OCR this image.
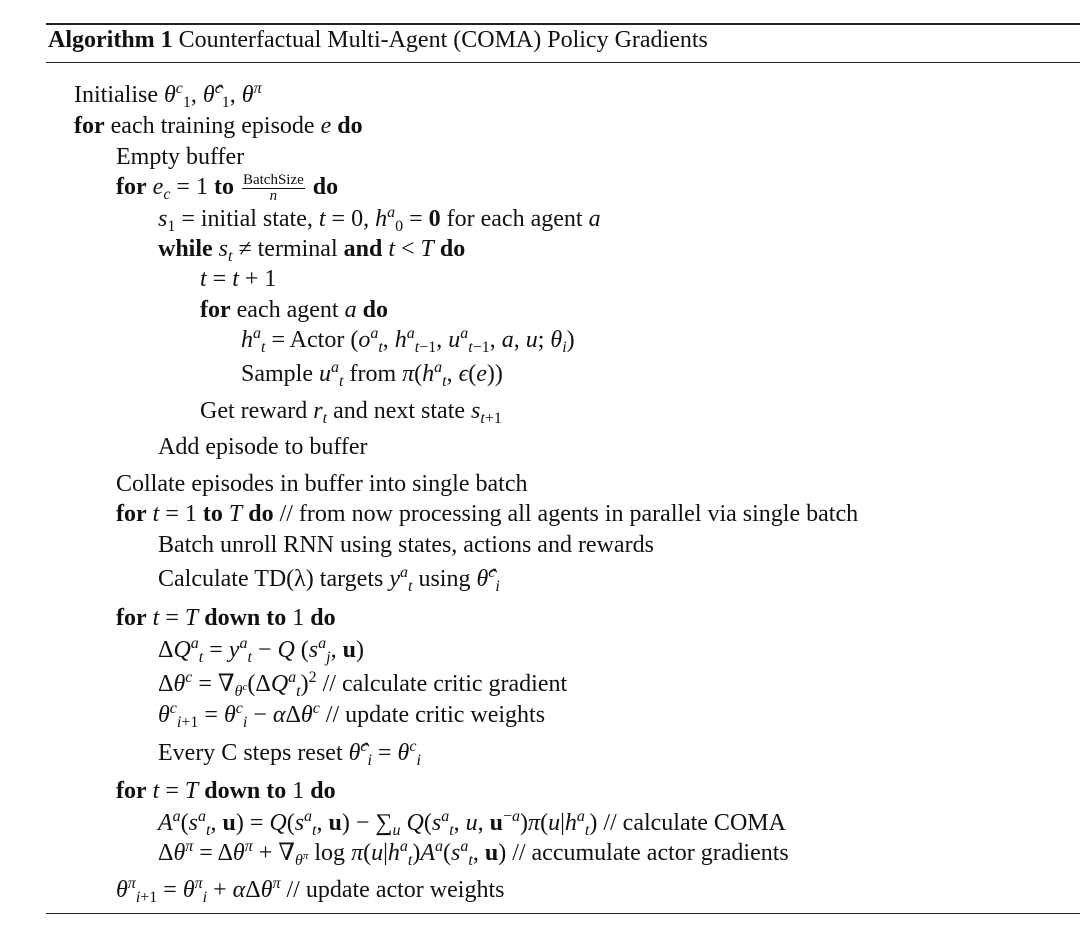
Algorithm 1 Counterfactual Multi-Agent (COMA) Policy Gradients
Initialise $\theta^c_1$, θ̂$^c_1$, $\theta^\pi$
for each training episode e do
Empty buffer
for $e_c = 1$ to $\frac{\text{BatchSize}}{n}$ do
$s_1$ = initial state, t = 0, $h^a_0 = 0$ for each agent a
while $s_t$ ≠ terminal and t < T do
t = t + 1
for each agent a do
$h^a_t$ = Actor ($o^a_t$, $h^a_{t-1}$, $u^a_{t-1}$, a, u; $\theta_i$)
Sample $u^a_t$ from $\pi(h^a_t$, ϵ(e))
Get reward $r_t$ and next state $s_{t+1}$
Add episode to buffer
Collate episodes in buffer into single batch
for t = 1 to T do // from now processing all agents in parallel via single batch
Batch unroll RNN using states, actions and rewards
Calculate TD(λ) targets $y^a_t$ using θ̂$^c_i$
for t = T down to 1 do
$\Delta Q^a_t = y^a_t - Q$ ($s^a_j$, u)
$\Delta\theta^c = \nabla_{\theta^c}(\Delta Q^a_t)^2$ // calculate critic gradient
$\theta^c_{i+1} = \theta^c_i - \alpha\Delta\theta^c$ // update critic weights
Every C steps reset θ̂$^c_i$ = $\theta^c_i$
for t = T down to 1 do
$A^a(s^a_t$, $u) = Q(s^a_t$, $u) - \sum_u$ $Q(s^a_t$, u, $u^{-a})\pi(u|h^a_t)$ // calculate COMA
$\Delta\theta^\pi = \Delta\theta^\pi + \nabla_{\theta^\pi}$ $\log \pi(u|h^a_t)A^a(s^a_t$, u) // accumulate actor gradients
$\theta^\pi_{i+1} = \theta^\pi_i + \alpha\Delta\theta^\pi$ // update actor weights
